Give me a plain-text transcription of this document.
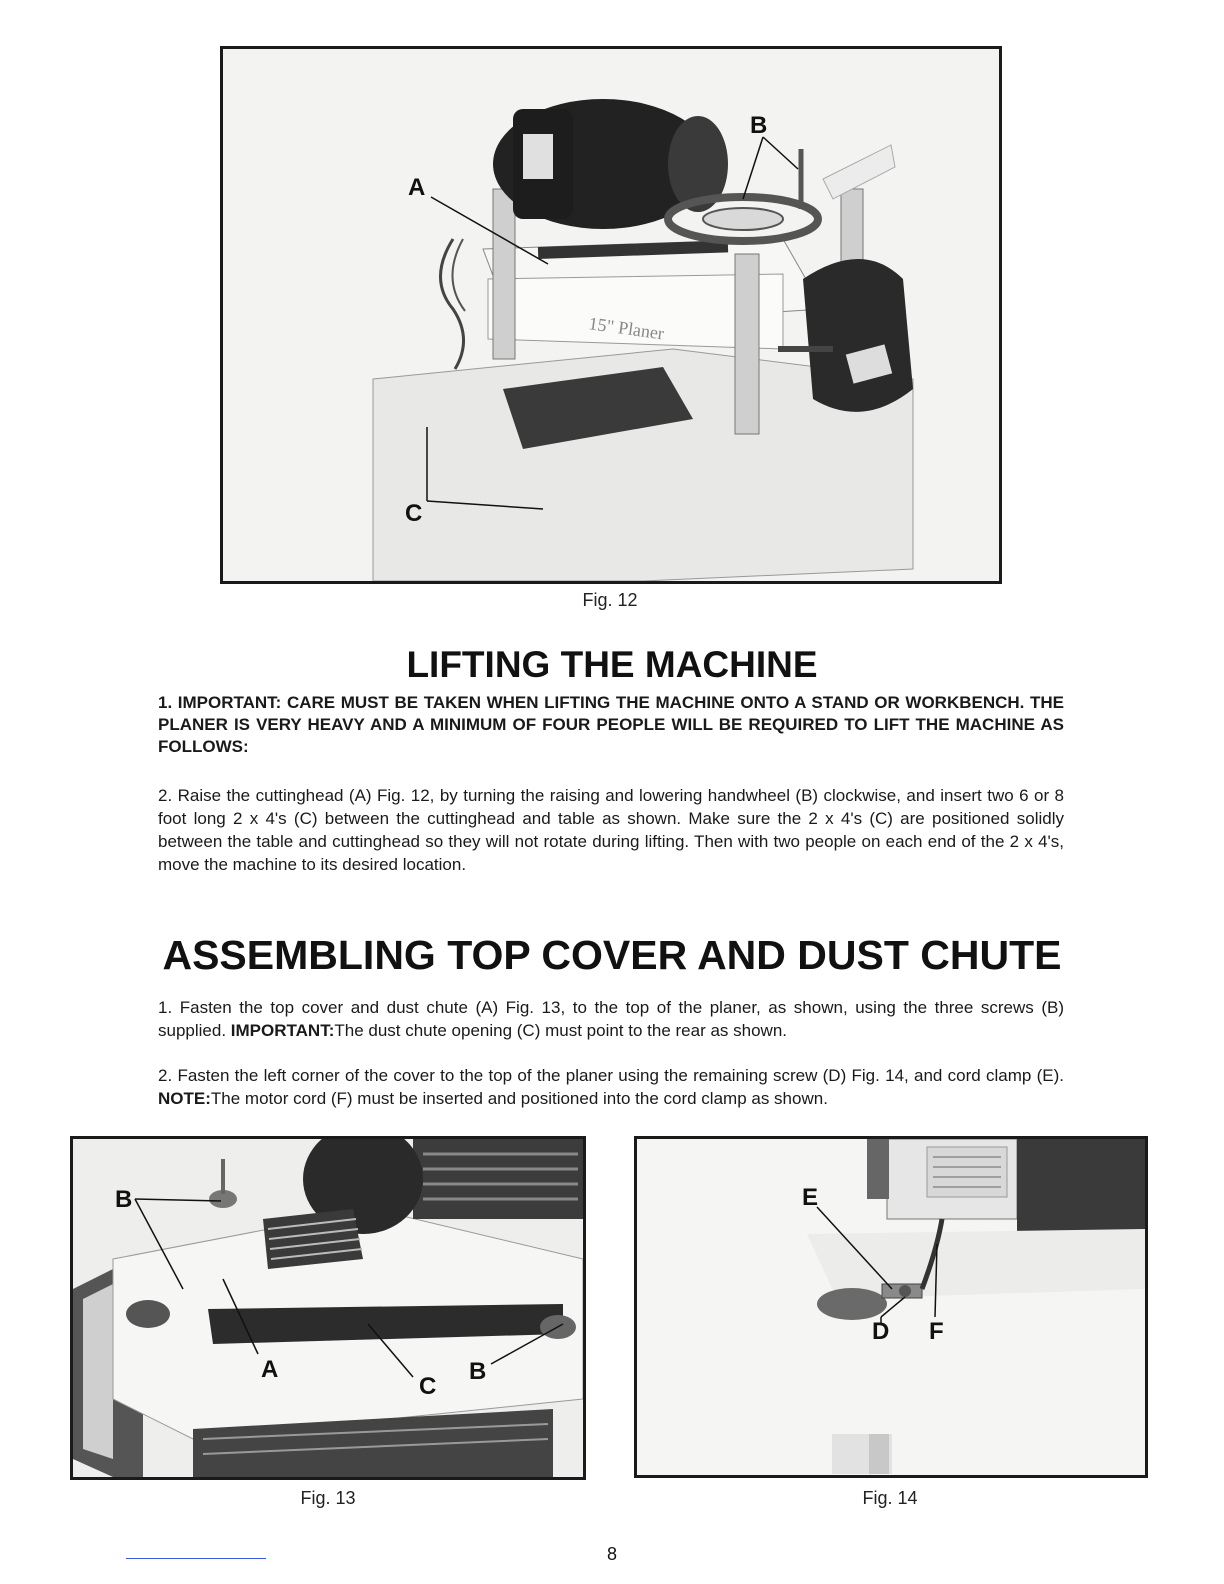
15" Planer
A
B
C
Fig. 12
LIFTING THE MACHINE

1. IMPORTANT: CARE MUST BE TAKEN WHEN LIFTING THE MACHINE ONTO A STAND OR WORKBENCH. THE PLANER IS VERY HEAVY AND A MINIMUM OF FOUR PEOPLE WILL BE REQUIRED TO LIFT THE MACHINE AS FOLLOWS:

2. Raise the cuttinghead (A) Fig. 12, by turning the raising and lowering handwheel (B) clockwise, and insert two 6 or 8 foot long 2 x 4's (C) between the cuttinghead and table as shown. Make sure the 2 x 4's (C) are positioned solidly between the table and cuttinghead so they will not rotate during lifting. Then with two people on each end of the 2 x 4's, move the machine to its desired location.

ASSEMBLING TOP COVER AND DUST CHUTE

1. Fasten the top cover and dust chute (A) Fig. 13, to the top of the planer, as shown, using the three screws (B) supplied. IMPORTANT:The dust chute opening (C) must point to the rear as shown.

2. Fasten the left corner of the cover to the top of the planer using the remaining screw (D) Fig. 14, and cord clamp (E). NOTE:The motor cord (F) must be inserted and positioned into the cord clamp as shown.

B
A
C
B
Fig. 13
E
D F
Fig. 14
8
